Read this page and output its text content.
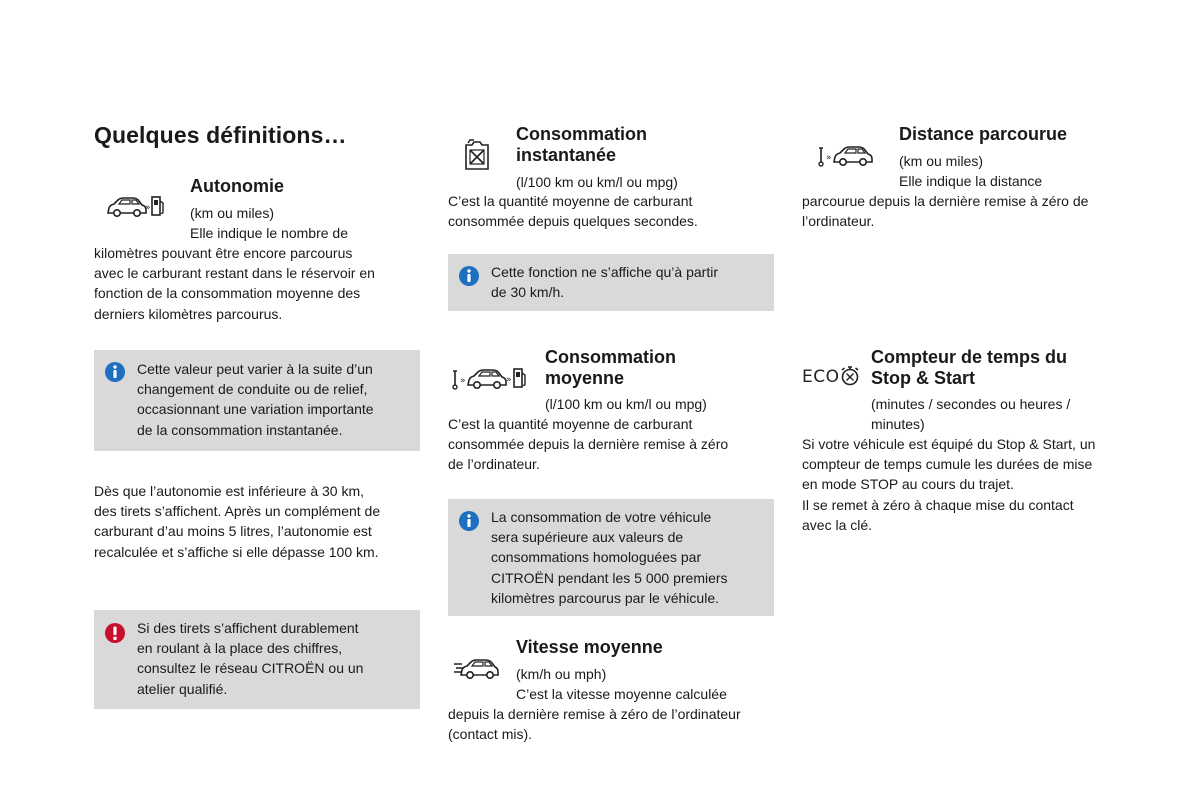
Quelques définitions…
»
Autonomie
(km ou miles)
Elle indique le nombre de
kilomètres pouvant être encore parcourus
avec le carburant restant dans le réservoir en
fonction de la consommation moyenne des
derniers kilomètres parcourus.
Cette valeur peut varier à la suite d’un
changement de conduite ou de relief,
occasionnant une variation importante
de la consommation instantanée.
Dès que l’autonomie est inférieure à 30 km,
des tirets s’affichent. Après un complément de
carburant d’au moins 5 litres, l’autonomie est
recalculée et s’affiche si elle dépasse 100 km.
Si des tirets s’affichent durablement
en roulant à la place des chiffres,
consultez le réseau CITROËN ou un
atelier qualifié.
Consommation
instantanée
(l/100 km ou km/l ou mpg)
C’est la quantité moyenne de carburant
consommée depuis quelques secondes.
Cette fonction ne s’affiche qu’à partir
de 30 km/h.
»	»
Consommation
moyenne
(l/100 km ou km/l ou mpg)
C’est la quantité moyenne de carburant
consommée depuis la dernière remise à zéro
de l’ordinateur.
La consommation de votre véhicule
sera supérieure aux valeurs de
consommations homologuées par
CITROËN pendant les 5 000 premiers
kilomètres parcourus par le véhicule.
Vitesse moyenne
(km/h ou mph)
C’est la vitesse moyenne calculée
depuis la dernière remise à zéro de l’ordinateur
(contact mis).
»
Distance parcourue
(km ou miles)
Elle indique la distance
parcourue depuis la dernière remise à zéro de
l’ordinateur.
ECO
Compteur de temps du
Stop & Start
(minutes / secondes ou heures /
minutes)
Si votre véhicule est équipé du Stop & Start, un
compteur de temps cumule les durées de mise
en mode STOP au cours du trajet.
Il se remet à zéro à chaque mise du contact
avec la clé.
